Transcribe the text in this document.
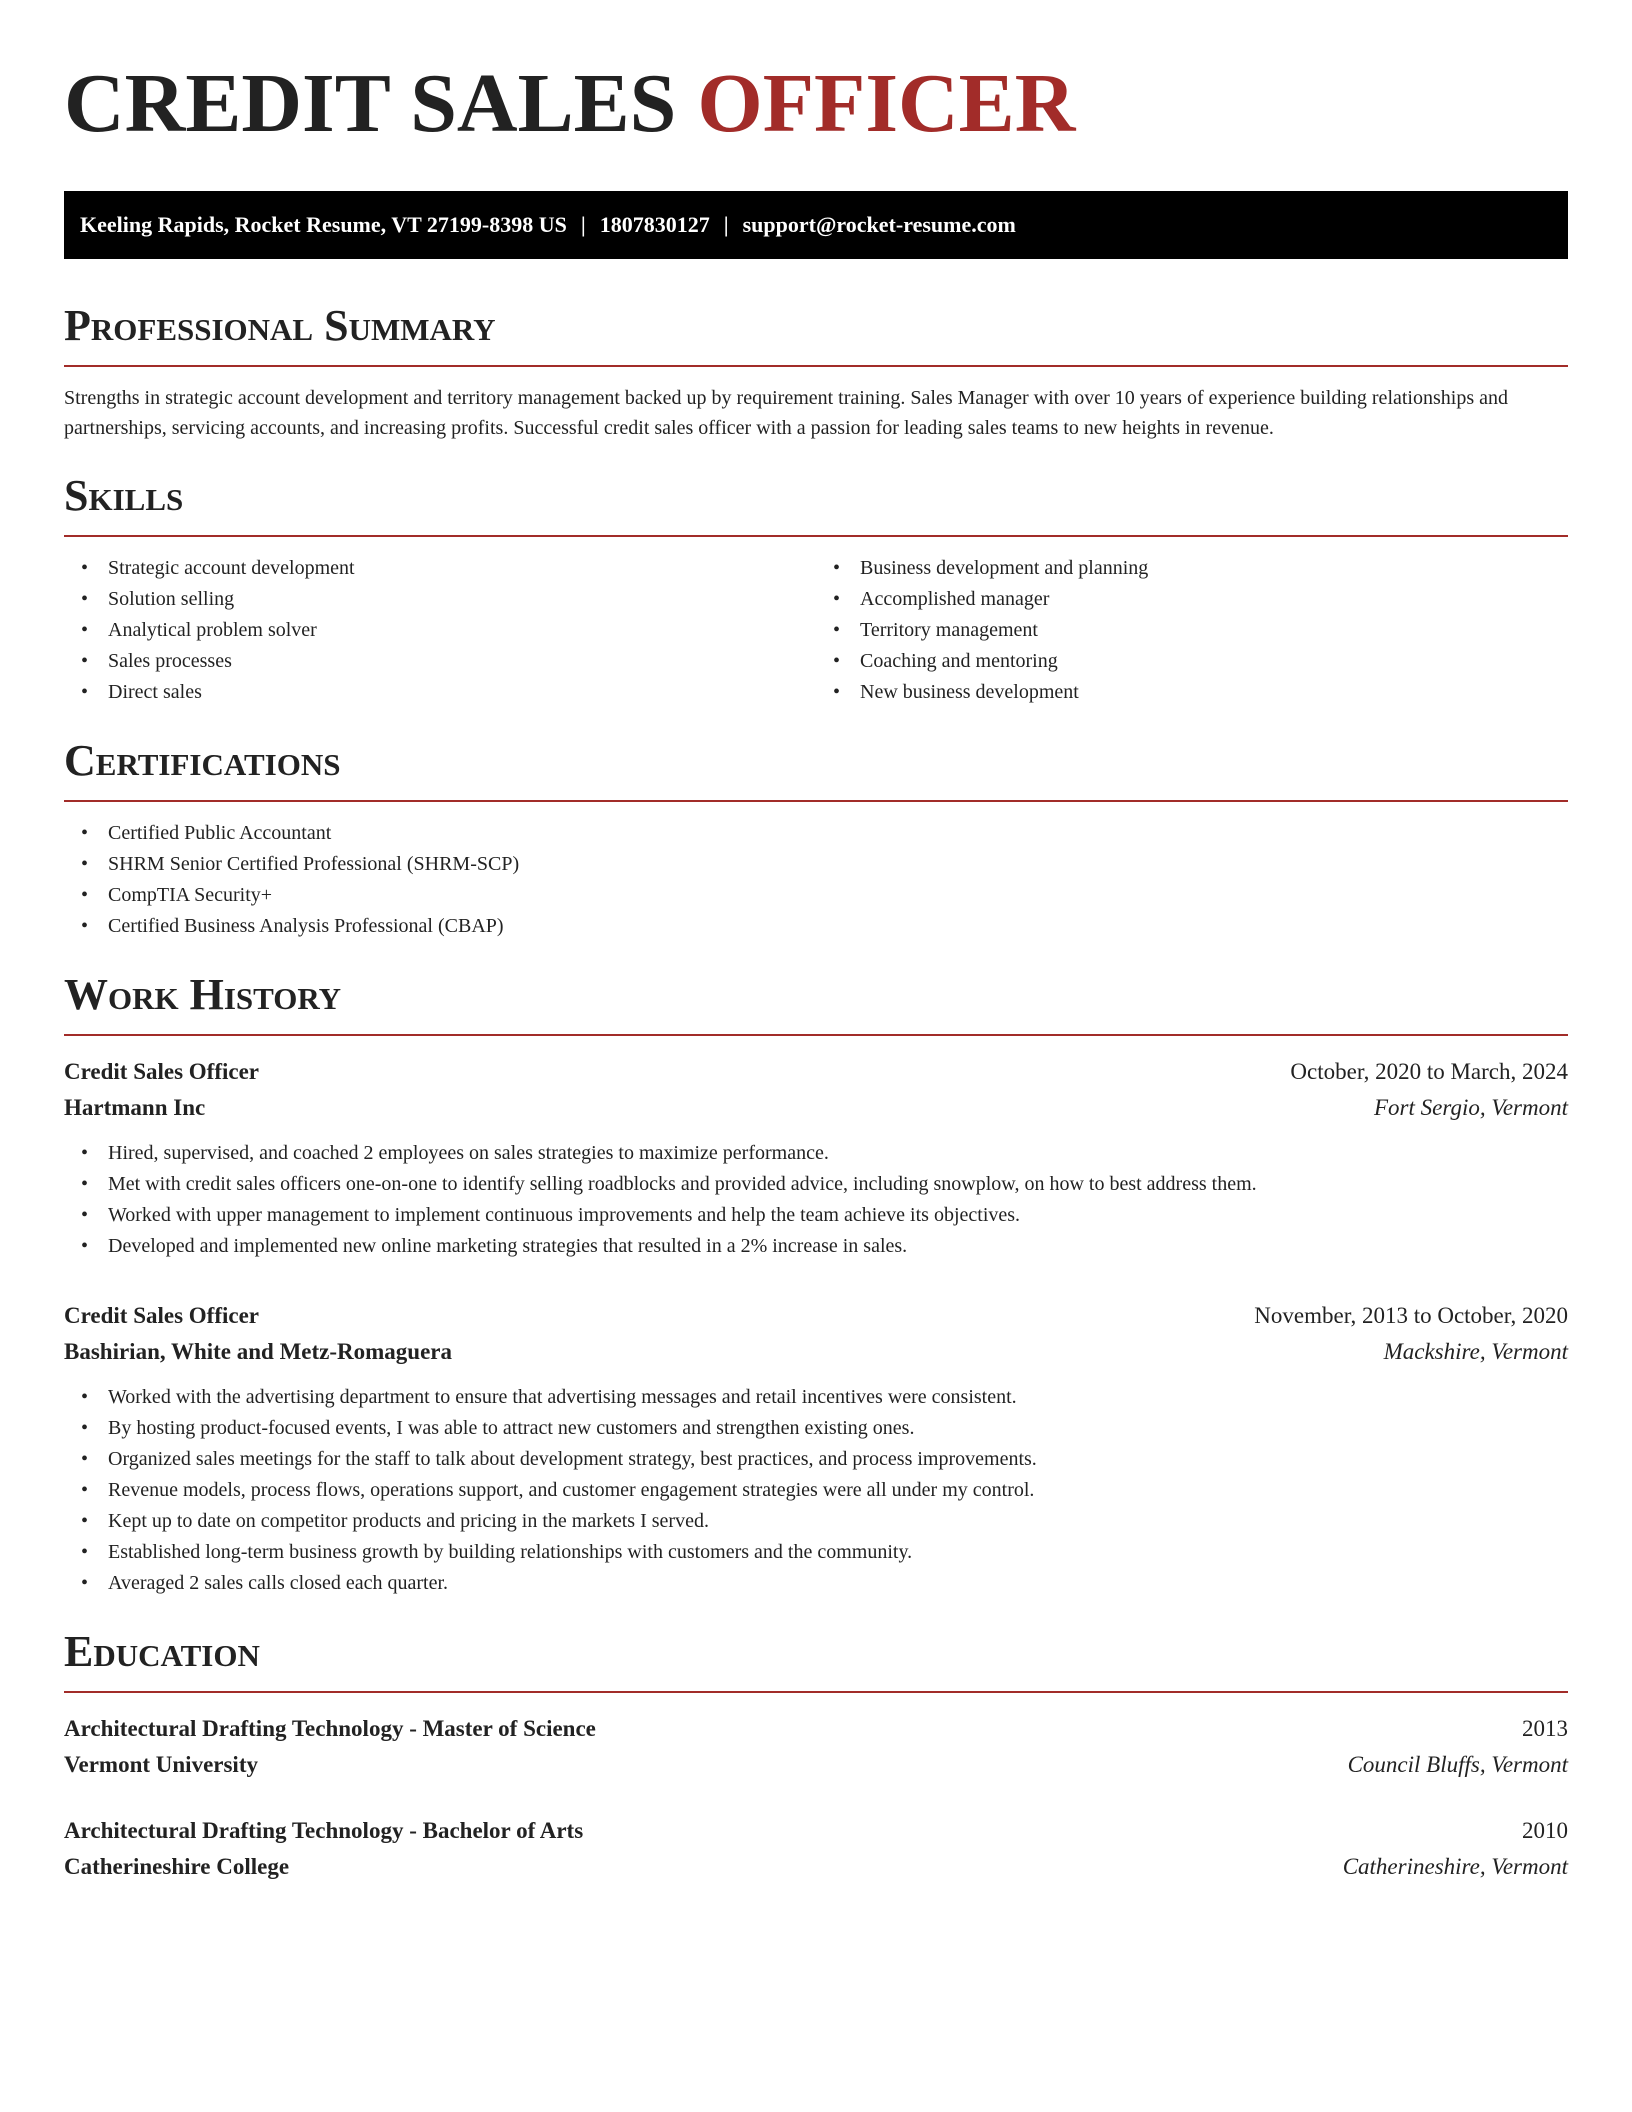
CREDIT SALES OFFICER
Keeling Rapids, Rocket Resume, VT 27199-8398 US | 1807830127 | support@rocket-resume.com
Professional Summary

Strengths in strategic account development and territory management backed up by requirement training. Sales Manager with over 10 years of experience building relationships and partnerships, servicing accounts, and increasing profits. Successful credit sales officer with a passion for leading sales teams to new heights in revenue.

Skills
• Strategic account development
• Solution selling
• Analytical problem solver
• Sales processes
• Direct sales
• Business development and planning
• Accomplished manager
• Territory management
• Coaching and mentoring
• New business development
Certifications
• Certified Public Accountant
• SHRM Senior Certified Professional (SHRM-SCP)
• CompTIA Security+
• Certified Business Analysis Professional (CBAP)
Work History
Credit Sales Officer	October, 2020 to March, 2024
Hartmann Inc	Fort Sergio, Vermont
• Hired, supervised, and coached 2 employees on sales strategies to maximize performance.
• Met with credit sales officers one-on-one to identify selling roadblocks and provided advice, including snowplow, on how to best address them.
• Worked with upper management to implement continuous improvements and help the team achieve its objectives.
• Developed and implemented new online marketing strategies that resulted in a 2% increase in sales.
Credit Sales Officer	November, 2013 to October, 2020
Bashirian, White and Metz-Romaguera	Mackshire, Vermont
• Worked with the advertising department to ensure that advertising messages and retail incentives were consistent.
• By hosting product-focused events, I was able to attract new customers and strengthen existing ones.
• Organized sales meetings for the staff to talk about development strategy, best practices, and process improvements.
• Revenue models, process flows, operations support, and customer engagement strategies were all under my control.
• Kept up to date on competitor products and pricing in the markets I served.
• Established long-term business growth by building relationships with customers and the community.
• Averaged 2 sales calls closed each quarter.
Education
Architectural Drafting Technology - Master of Science	2013
Vermont University	Council Bluffs, Vermont
Architectural Drafting Technology - Bachelor of Arts	2010
Catherineshire College	Catherineshire, Vermont
